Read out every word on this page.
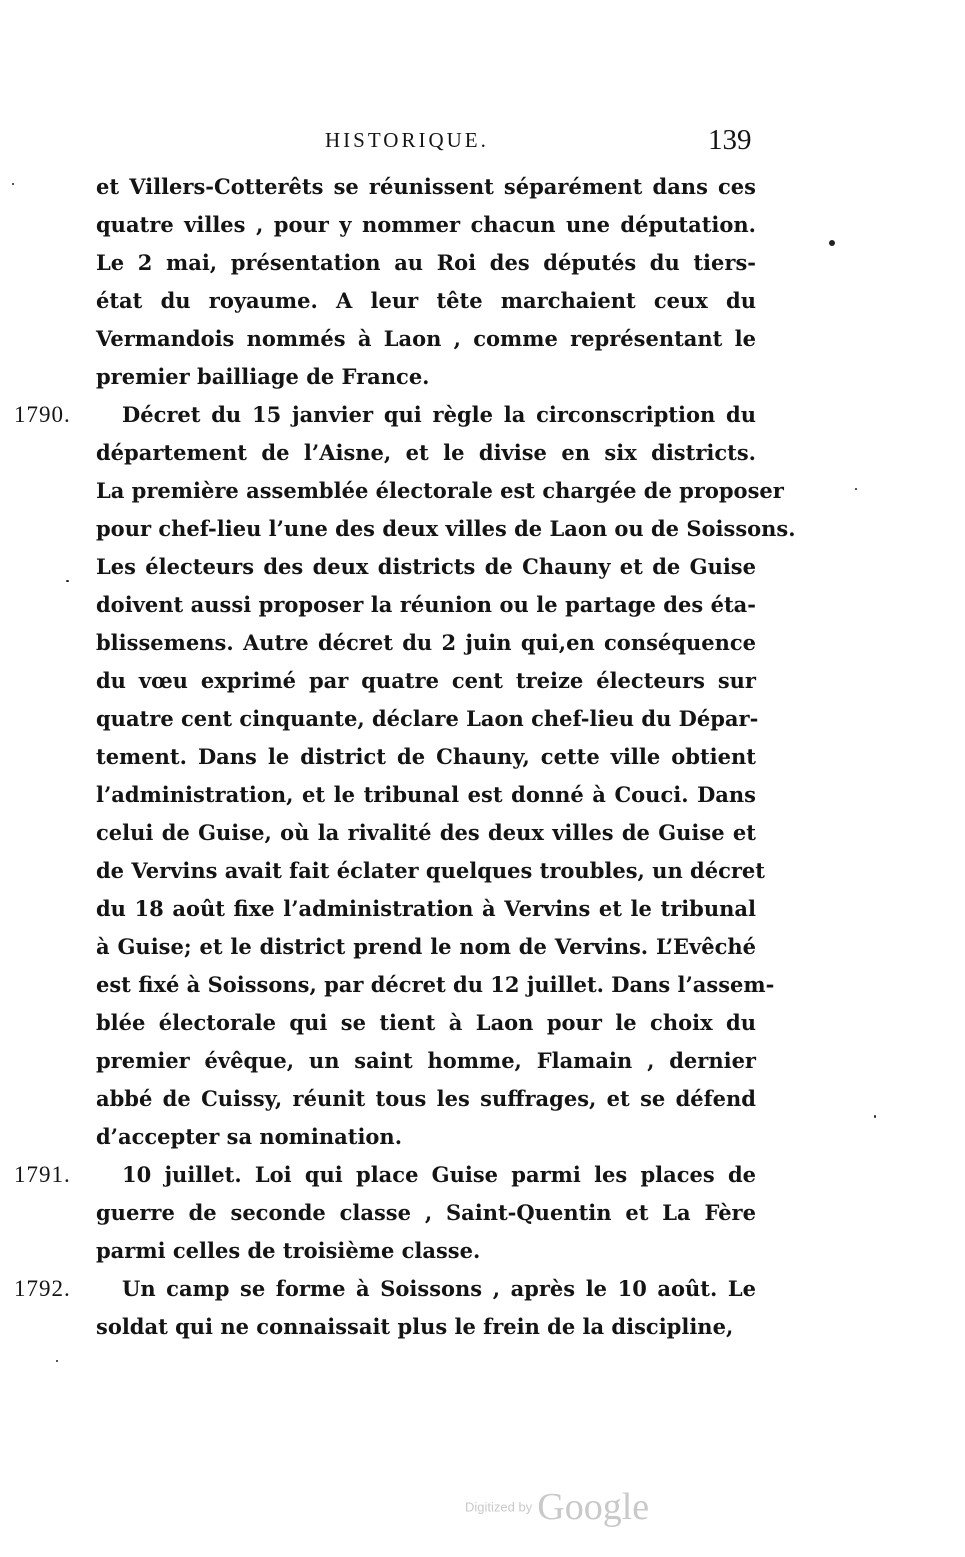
HISTORIQUE.	139
et Villers-Cotterêts se réunissent séparément dans ces
quatre villes , pour y nommer chacun une députation.
Le 2 mai, présentation au Roi des députés du tiers-
état du royaume. A leur tête marchaient ceux du
Vermandois nommés à Laon , comme représentant le
premier bailliage de France.
1790. Décret du 15 janvier qui règle la circonscription du
département de l’Aisne, et le divise en six districts.
La première assemblée électorale est chargée de proposer
pour chef-lieu l’une des deux villes de Laon ou de Soissons.
Les électeurs des deux districts de Chauny et de Guise
doivent aussi proposer la réunion ou le partage des éta-
blissemens. Autre décret du 2 juin qui,en conséquence
du vœu exprimé par quatre cent treize électeurs sur
quatre cent cinquante, déclare Laon chef-lieu du Dépar-
tement. Dans le district de Chauny, cette ville obtient
l’administration, et le tribunal est donné à Couci. Dans
celui de Guise, où la rivalité des deux villes de Guise et
de Vervins avait fait éclater quelques troubles, un décret
du 18 août fixe l’administration à Vervins et le tribunal
à Guise; et le district prend le nom de Vervins. L’Evêché
est fixé à Soissons, par décret du 12 juillet. Dans l’assem-
blée électorale qui se tient à Laon pour le choix du
premier évêque, un saint homme, Flamain , dernier
abbé de Cuissy, réunit tous les suffrages, et se défend
d’accepter sa nomination.
1791. 10 juillet. Loi qui place Guise parmi les places de
guerre de seconde classe , Saint-Quentin et La Fère
parmi celles de troisième classe.
1792. Un camp se forme à Soissons , après le 10 août. Le
soldat qui ne connaissait plus le frein de la discipline,
Digitized by Google
